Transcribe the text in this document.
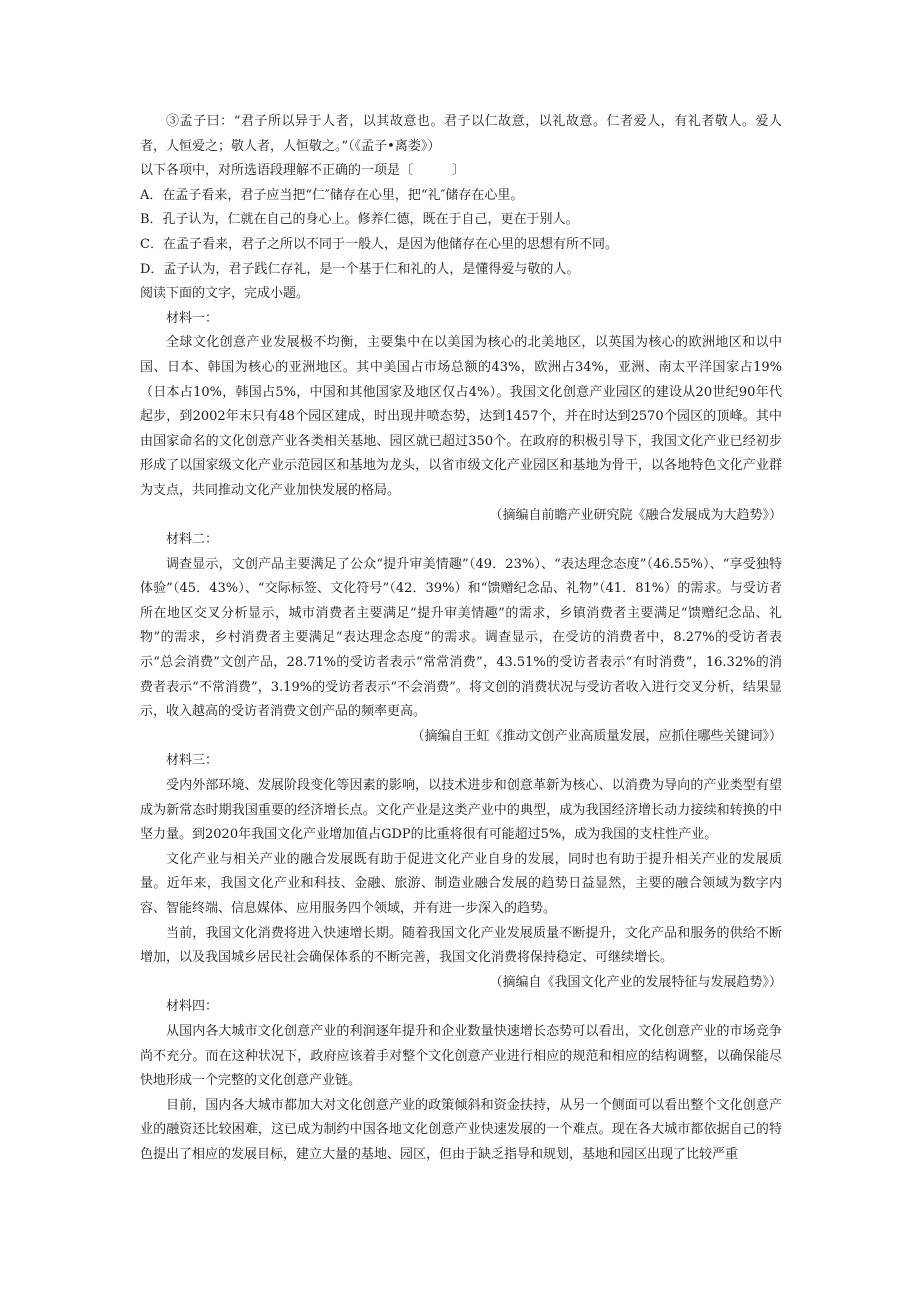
③孟子曰：“君子所以异于人者，以其故意也。君子以仁故意，以礼故意。仁者爱人，有礼者敬人。爱人者，人恒爱之；敬人者，人恒敬之。”（《孟子•离娄》）

以下各项中，对所选语段理解不正确的一项是〔　　　〕

A．在孟子看来，君子应当把“仁″储存在心里，把“礼″储存在心里。

B．孔子认为，仁就在自己的身心上。修养仁德，既在于自己，更在于别人。

C．在孟子看来，君子之所以不同于一般人，是因为他储存在心里的思想有所不同。

D．孟子认为，君子践仁存礼，是一个基于仁和礼的人，是懂得爱与敬的人。

阅读下面的文字，完成小题。

材料一：

全球文化创意产业发展极不均衡，主要集中在以美国为核心的北美地区，以英国为核心的欧洲地区和以中国、日本、韩国为核心的亚洲地区。其中美国占市场总额的43%，欧洲占34%，亚洲、南太平洋国家占19%（日本占10%，韩国占5%，中国和其他国家及地区仅占4%）。我国文化创意产业园区的建设从20世纪90年代起步，到2002年末只有48个园区建成，时出现井喷态势，达到1457个，并在时达到2570个园区的顶峰。其中由国家命名的文化创意产业各类相关基地、园区就已超过350个。在政府的积极引导下，我国文化产业已经初步形成了以国家级文化产业示范园区和基地为龙头，以省市级文化产业园区和基地为骨干，以各地特色文化产业群为支点，共同推动文化产业加快发展的格局。

（摘编自前瞻产业研究院《融合发展成为大趋势》）

材料二：

调查显示，文创产品主要满足了公众“提升审美情趣”（49．23%）、“表达理念态度”（46.55%）、“享受独特体验”（45．43%）、“交际标签、文化符号”（42．39%）和“馈赠纪念品、礼物”（41．81%）的需求。与受访者所在地区交叉分析显示，城市消费者主要满足“提升审美情趣”的需求，乡镇消费者主要满足“馈赠纪念品、礼物”的需求，乡村消费者主要满足“表达理念态度”的需求。调查显示，在受访的消费者中，8.27%的受访者表示“总会消费”文创产品，28.71%的受访者表示“常常消费”，43.51%的受访者表示“有时消费”，16.32%的消费者表示“不常消费”，3.19%的受访者表示“不会消费”。将文创的消费状况与受访者收入进行交叉分析，结果显示，收入越高的受访者消费文创产品的频率更高。

（摘编自王虹《推动文创产业高质量发展，应抓住哪些关键词》）

材料三：

受内外部环境、发展阶段变化等因素的影响，以技术进步和创意革新为核心、以消费为导向的产业类型有望成为新常态时期我国重要的经济增长点。文化产业是这类产业中的典型，成为我国经济增长动力接续和转换的中坚力量。到2020年我国文化产业增加值占GDP的比重将很有可能超过5%，成为我国的支柱性产业。

文化产业与相关产业的融合发展既有助于促进文化产业自身的发展，同时也有助于提升相关产业的发展质量。近年来，我国文化产业和科技、金融、旅游、制造业融合发展的趋势日益显然，主要的融合领域为数字内容、智能终端、信息媒体、应用服务四个领域，并有进一步深入的趋势。

当前，我国文化消费将进入快速增长期。随着我国文化产业发展质量不断提升，文化产品和服务的供给不断增加，以及我国城乡居民社会确保体系的不断完善，我国文化消费将保持稳定、可继续增长。

（摘编自《我国文化产业的发展特征与发展趋势》）

材料四：

从国内各大城市文化创意产业的利润逐年提升和企业数量快速增长态势可以看出，文化创意产业的市场竞争尚不充分。而在这种状况下，政府应该着手对整个文化创意产业进行相应的规范和相应的结构调整，以确保能尽快地形成一个完整的文化创意产业链。

目前，国内各大城市都加大对文化创意产业的政策倾斜和资金扶持，从另一个侧面可以看出整个文化创意产业的融资还比较困难，这已成为制约中国各地文化创意产业快速发展的一个难点。现在各大城市都依据自己的特色提出了相应的发展目标，建立大量的基地、园区，但由于缺乏指导和规划，基地和园区出现了比较严重
